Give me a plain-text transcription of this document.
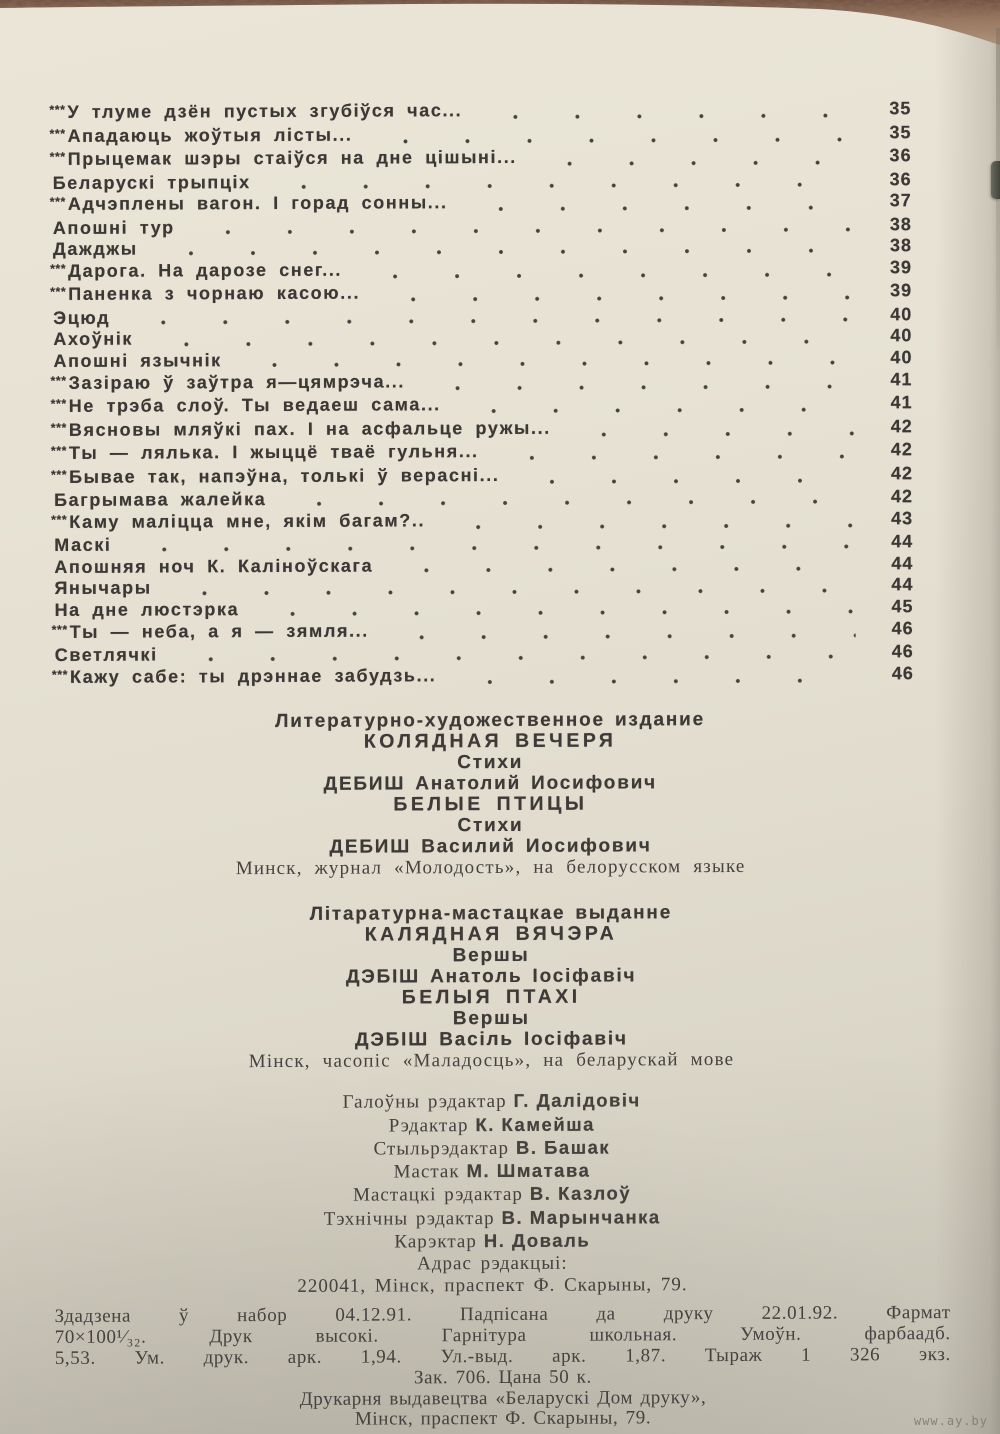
*** У тлуме дзён пустых згубіўся час...	35
*** Ападаюць жоўтыя лісты...	35
*** Прыцемак шэры стаіўся на дне цішыні...	36
Беларускі трыпціх	36
*** Адчэплены вагон. І горад сонны...	37
Апошні тур	38
Дажджы	38
*** Дарога. На дарозе снег...	39
*** Паненка з чорнаю касою...	39
Эцюд	40
Ахоўнік	40
Апошні язычнік	40
*** Зазіраю ў заўтра я—цямрэча...	41
*** Не трэба слоў. Ты ведаеш сама...	41
*** Вясновы мляўкі пах. І на асфальце ружы...	42
*** Ты — лялька. І жыццё тваё гульня...	42
*** Бывае так, напэўна, толькі ў верасні...	42
Багрымава жалейка	42
*** Каму маліцца мне, якім багам?..	43
Маскі	44
Апошняя ноч К. Каліноўскага	44
Янычары	44
На дне люстэрка	45
*** Ты — неба, а я — зямля...	46
Светлячкі	46
*** Кажу сабе: ты дрэннае забудзь...	46
Литературно-художественное издание
КОЛЯДНАЯ ВЕЧЕРЯ
Стихи
ДЕБИШ Анатолий Иосифович
БЕЛЫЕ ПТИЦЫ
Стихи
ДЕБИШ Василий Иосифович
Минск, журнал «Молодость», на белорусском языке
Літаратурна-мастацкае выданне
КАЛЯДНАЯ ВЯЧЭРА
Вершы
ДЭБІШ Анатоль Іосіфавіч
БЕЛЫЯ ПТАХІ
Вершы
ДЭБІШ Васіль Іосіфавіч
Мінск, часопіс «Маладосць», на беларускай мове
Галоўны рэдактар Г. Далідовіч
Рэдактар К. Камейша
Стыльрэдактар В. Башак
Мастак М. Шматава
Мастацкі рэдактар В. Казлоў
Тэхнічны рэдактар В. Марынчанка
Карэктар Н. Доваль
Адрас рэдакцыі:
220041, Мінск, праспект Ф. Скарыны, 79.
Здадзена ў набор 04.12.91. Падпісана да друку 22.01.92. Фармат
70×100¹⁄₃₂. Друк высокі. Гарнітура школьная. Умоўн. фарбаадб.
5,53. Ум. друк. арк. 1,94. Ул.-выд. арк. 1,87. Тыраж 1 326 экз.
Зак. 706. Цана 50 к.
Друкарня выдавецтва «Беларускі Дом друку»,
Мінск, праспект Ф. Скарыны, 79.	www.ay.by
